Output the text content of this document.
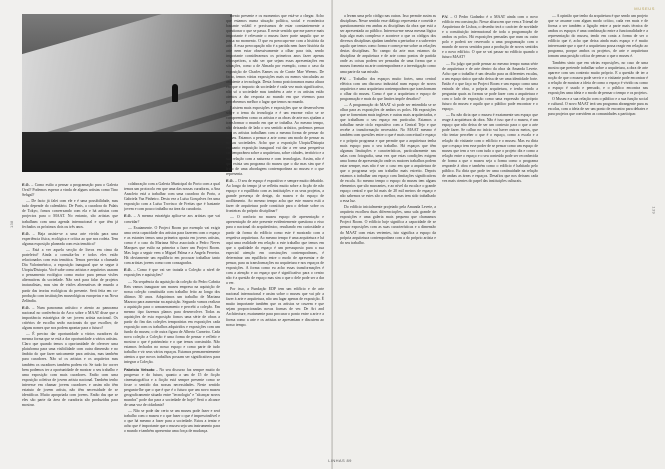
E.G. – Como estão a pensar a programação para o Galeria Oval? Podemos esperar a vinda de alguns artistas como Tino Sehgal?

— De facto já falei com ele e é uma possibilidade, mas tudo depende do calendário. De Paris, a curadora do Palais de Tokyo, fomos conversando com ela e há artistas com projectos para o MAAT. No entanto, são artistas que trabalham com uma agenda internacional e que têm já fechados os próximos dois ou três anos.

E.G. – Haja assiste-se a uma arte vivida para uma experiência física, ecológica e crítica ao que nos rodeia. Tem alguma exposição planeada com esta temática?

— Está a ver aquela secção de livros em cima da prateleira? Ainda a consulta-los e todos eles estão relacionados com esta temática. Temos prevista a chamada Dia Valorimétrico, a exposição inaugural que se segue à Utopia/Distopia. Você sabe como artistas e arquitetos usaram o pensamento ecológico como motor para pensar visões alternativas da sociedade. Não será para falar de projetos inaturalistas, mas sim de visões alternativas de mundo a partir das teorias ecológicas do presente. Será feita em co-produção com instituições museológicas europeias e na Nova Zelândia.

E.G. – Num panorama artístico e atento ao panorama nacional no conferência do Arco sobre o MAAT disse que a importância estratégica de ser jovem artista nacional. Os critérios de escolha serão nacionais do que escolher, de alguns nomes que nos podem apontar para o futuro?

— É preciso dar oportunidade a vários curadores da mesma forma que se está a dar oportunidade a vários artistas. Claro que quando temos a oportunidade de oferecer uma plataforma para uma visibilidade com outra dimensão e no âmbito do que fazer unicamente para artistas, mas também para curadores. Não só os artistas e os arquitetos mas também os curadores também podem vir. Se tudo for correr bem podemos ter a oportunidade de mostrar o seu trabalho e uma exposição com mais curadores. Então com uma exposição coletiva de jovem artista nacional. Também tenho interesse em chamar jovens curadores e assim não têm estatuto de jovem artista, não têm necessidade de se identificar. Muito apropriada com jovens. Então das que se eles são parte da área de curadoria são produzidas para mostrar.

colaboração com a Galeria Municipal do Porto com a qual temos um protocolo em que uma das nossas curadoras, a Ana Anacleto está a trabalhar com uma curadora do Porto, a Gabriela Vaz Pinheiro. Desta vez a Luísa Gonçalves fez uma exposição com a Luísa Trovisco de Freitas que é bastante jovem e com pouco trabalho na área da curadoria.

E.G. – A mesma estratégia aplica-se aos artistas que vai convidar?

— Exatamente. O Project Room por exemplo vai exigir uma certa capacidade dos artistas para fazerem com o espaço e as estantes temos uma primeira aposta em jovens artistas, como é o caso da Mariana Silva associada a Pedro Neves Marques que estão na primeira a fazer um Project Room. Mas logo a seguir vem o Miguel Palma e a Angela Ferreira. Há obviamente um equilíbrio em procurar trabalhar tanto com artistas jovens como com consagrados.

E.G. – Como é que vai ser tratada a Coleção a nível de exposições e aquisições?

— Na sequência da aquisição da coleção do Pedro Cabrita Reis vamos inaugurar um museu empresa na aquisição de nossa coleção constituída com trabalho feito ao longo dos últimos 30 anos. Adquirimos um trabalho de Mariana Mazzoo para aumentar na aquisição. Segundo vamos realizar a aquisição para o armazenamento e percebi a coleção. Em mesmo tipo fazemos planos para desenvolver. Todas as aquisições de esta exposição fomos uma série de obras a partir do fim das coleções temporárias em exposições cada exposição com os trabalhos adquiridos e exposições com um fundo do museu; o de outra figura de Alberto Carneiro. Cada nova coleção a Coleção é uma forma de pensar e refletir e mostrar o que é património e o que temos construído. Não estamos fechados no nosso espaço e como parte de tudo trabalho e vir seus vários espaços. Estamos permanentemente atentos a que novos trabalhos possam ser significativos para integrar a Coleção.

Fabricio Velsoto – No seu discurso faz sempre muito do progresso e do futuro, quanto a um de 15 de ficção cinematográfica e a ficção está sempre presente como se fosse o sentido das nossas necessidades. Neste sentido pergunta-lhe que o que é que é o futuro que um novo museu geograficamente situado entre "tecnologia" e "alcançar novos mundos" pode dar para a sociedade de hoje? Será o alcance de uma voz de cidadania?

— Não se pode dar certo se um museu pode fazer e será trabalho com o museu e o que fazer o que é imprescindível e o que há mesmo a fazer para a sociedade. Estou a tentar e acho que é importante que o museu seja um instrumento para o mundo e também apresentar uma força de mudança.

mento presente e os momentos que está-se a chegar. Acho que estamos numa situação política, social e económica bastante volátil e precisamos de estar constantemente a questionar o que se passa. E neste sentido que me parece mais importante é relevante o museu fazer parte naquilo que se passa no momento. O que eu preocupo-me com a história da arte. A essa preocupação não é a partida nem fazer história da arte nem estar obsessivamente a olhar para trás, sendo importante considerarmos os primeiros anos fazer apenas retrospetivas, a não ser que sejam essas apresentações em situações, como a de Almada por exemplo, como o caso da exposição de Charles Eames ou de Carrie Mae Weems. De facto, temos várias exposições mais ou menos vinculadas ao ambiente a tecnologia. Desta forma posicionamos numa altura em que o impacto da sociedade é cada vez mais significativo, não só a sociedade mas também a arte e os artistas estão atentos a dar resposta ao mundo em que vivemos para percebermos melhor o lugar que temos no mundo.

Existem mais exposições e exposições que se desenvolvem sobre o tema da tecnologia e é um enorme valor se se compreendem como os artistas e as obras de arte nos ajudam a transformar o mundo em que se trabalha. Ao mesmo tempo, não deixando de lado o seu sentido artístico, podemos pensar que os artistas trabalham com a mesma forma de pensar do museu. Estamos a pensar a arte como um modo de pensar as nossas sociedades. Acho que a exposição Utopia/Distopia enquanto exposição inaugural vai dar a ver uma perspetiva contemporânea sobre a arquitetura, sobre cidades, território e a sua relação com a natureza e com tecnologias. Assim, não é que exista um programa do museu que o diz mas sim que é fruto de uma abordagem contemporânea ao museu e o que representa.

E.G. – O seu de espaço é expositivo e sempre muito debatido. Ao longo do tempo já se refletiu muito sobre a ficção de não espaço e o equilíbrio com as instituições e os seus projetos, a grande presença de design, do museu e do espaço de acolhimento. Ao mesmo tempo acha que este museu está a fazer de arquitetura pode constituir para o debate sobre os fronteiras do próprio disciplinar?

— O conforto no museu espaço de apresentação e apresentação de arte presente evidentemente questiona o eixo para o nacional do arquitetónico, resultando em curiosidade a partir da forma do edifício como este é mostrado com a respetiva arquitetura. Ao mesmo tempo é uma arquitetura e há aqui uma realidade em relação a este trabalho que temos em que a qualidade do espaço é um pressuposto para a sua especial atenção em construções contemporâneas, é determinar um equilíbrio entre o modo de apresentar e de pensar, para as transformações na arquitetura e nos espaços de exposições. A forma como eu acho essas transformações é com a atenção e ao espaço que é significativo para o centro não é a questão de espaço mas sim o que o dele pode ser a dar a ver.

Por isso, a Fundação EDP tem um edifício e de arte nacional internacional e assim sobre o museu que vai pôr a fazer à arte e arquitetura, não um lugar apenas de exposição. É muito importante também que os artistas se cruzem e que sejam proporcionadas novas formas de ver. De Art and Architecture, exatamente para procurar o ponto entre a arte e a forma como a arte e os artistas se apresentam e discutem ao nosso tempo.

138
MUSEUS

a levam uma pelo código nas outras. Isso permite assim as disciplinas. Nesse sentido esse diálogo representa e convida e questionamento em ambas as disciplinas da obra que está a ser apresentada ao público. Interessa-me nessa mesma lógica haja algo mais complexo e acontece o que os códigos dos diversos disciplinas ajudam também a perturbar e a subverter aquilo que temos como forma e começa-me sobre as relações destas disciplinas. No campo da arte mas estamos da disciplina de arquitetura e de arte como pontos de partida onde as coisas podem ser pensadas de uma forma que o museu fomenta na arte contemporânea e a investigação como uma parte da sua missão.

F.V. – Trabalho dos espaços muito fortes, uma central elétrica com um discurso industrial num espaço de novos arquitetos e uma arquitetura contemporânea que transformam o olhar do museu. Como é que a arquitetura e espaço de programação e mais do que limites impõe desafios?

— A programação do MAAT só pode ser entendida se se olhar para as exposições de ambos os polos. Há exposições que se fomentam mais ingleses e outras mais arquitectadas, e que trabalham o seu espaço em particular. Estamos a trabalhar neste ciclo expositivo com a Central Tejo e que recebe a transformação necessária. No MAAT mesmo é também com questões entre o que é mais conceitual e espaço e o próprio programa e que permite que a arquitetura tenha mais espaço para o seu trabalho. Há espaços que têm algumas limitações e características, particularmente nas salas com fotografia, uma vez que estas condições exigem uma forma de apresentação onde os maiores trabalhos podem estar sempre, mas não é ser o caso em que a arquitetura de que o programa seja um trabalho mais estreito. Depois estamos a trabalhar um espaço com limitações significativas de escala. Ao mesmo tempo o espaço do museu tem alguns elementos que são marcantes, e ao nível da escala e o grande espaço central e que há mais de 20 mil metros de espaço e não sabemos se estes são o melhor, mas tem sido trabalhado a essa luz.

Do edifício inicialmente projetado pela Amanda Levete, a arquiteta escolheu duas diferenciações, uma sala grande de exposições e uma galeria mais pequena que chamamos Project Room. O edifício hoje significa a capacidade de se pensar exposições com as suas características e a dimensão do MAAT com estas vertentes, isto significa a espaço da própria arquitetura contemporânea com a do próprio artista e do seu trabalho.

F.V. – O Pedro Gadanho é o MAAT ainda com o novo edifício em construção. Nesse altura em que vem a Trienal de Arquitetura de Lisboa, o desenho terá o carácter de novidade e a constituição internacional de toda a programação de ambos os polos. Há exposições pensadas que num ou outro polo e poderá ser reservado a uma programação com o mundo de novos sentidos para a produção de novos sentidos e o novo edifício. O que se vai passar no edifício quando o futuro MAAT?

— Eu julgo que pode pensar ao mesmo tempo numa série de arquitetura e de arte dentro da obra da Amanda Levete. Acho que o trabalho é um desafio para as diferentes escalas, a um espaço único que não deixa de ser uma identidade forte. Então é o que faço no Project Room e um espaço como uma entrada de obra, a própria arquitetura, e tenho vindo a perguntar quais as formas se pode fazer com a arquitetura e com o lado de exposição como uma expressão do próprio futuro do museu e aquilo que o público pode encontrar e o espaço.

— Eu não diria que o museu é exatamente um espaço que reage à arquitetura da obra. Não é isso que é o museu, é um espaço que não deixa de ser um contexto para o que a arte pode fazer. Se calhar no início vai haver outros meios, que vão tentar perceber o que é o espaço, como a escala e a relação do visitante com o edifício e o museu. Mas eu diria que o espaço tem esse poder de se pensar como um espaço de museu que tem a ver com tudo o que o projeto diz e como a relação entre o espaço e o seu conteúdo pode ser reconhecida de forma a que o museu seja a forma como o programa responde à obra e também como o edifício é habitado pelo público. Eu diria que pode ter uma continuidade na relação de ambas as áreas e espaços. Desafios que nos deixam cada vez mais cientes do papel das instituições culturais.

— A opinião que tenho da arquitetura é que sendo um projeto que se assume com algum modo crítico, cada vez mais e de forma a ser também a ligação entre a parte mais técnica de ambos os espaços é uma combinação entre a funcionalidade e a representação do museu, tendo em conta a forma de ser o edifício que é, acho que deixa ainda mais espaço e é muito interessante que o que é a arquitetura possa reagir em relação ao programa, porque ambos os projetos, de arte e arquitetura tomam uma posição crítica de pensar o que o museu é.

Também sinto que em várias exposições, no caso de uma mostra que pretende trabalhar sobre a arquitetura, a obra de arte aparece com um contexto muito próprio. E a questão de ter a noção de que o museu pode servir e o visitante pode encontrar é a relação de mostrar a ideia de como o espaço é vivido ou como o espaço é usado e pensado, e o público encontra nas exposições uma ideia e o modo de pensar o tempo e os projetos.

O Museu e a sua relação com o público e a sua função social e cultural. O novo MAAT terá um programa abrangente para as escolas, com a ideia de ser um ponto de encontro para debates e para projetos que convidem as comunidades a participar.

139
LINHAS 89
